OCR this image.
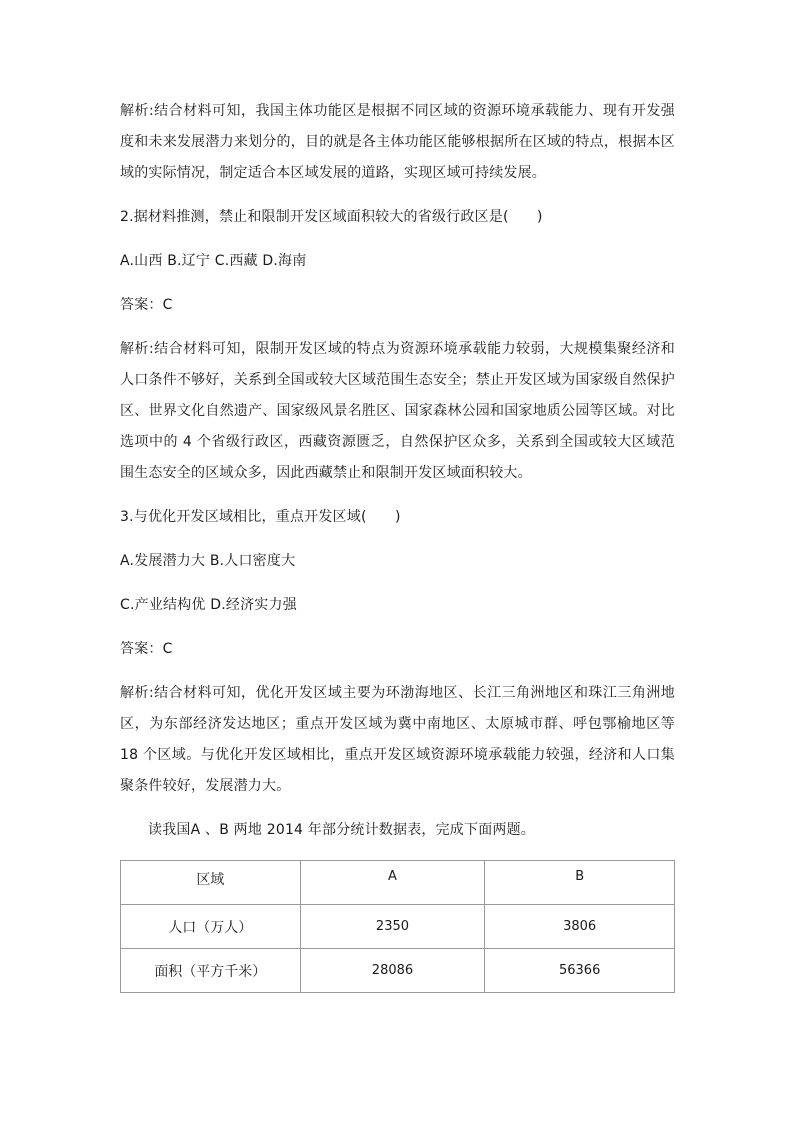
解析:结合材料可知，我国主体功能区是根据不同区域的资源环境承载能力、现有开发强度和未来发展潜力来划分的，目的就是各主体功能区能够根据所在区域的特点，根据本区域的实际情况，制定适合本区域发展的道路，实现区域可持续发展。

2.据材料推测，禁止和限制开发区域面积较大的省级行政区是(　　)

A.山西 B.辽宁 C.西藏 D.海南

答案：C

解析:结合材料可知，限制开发区域的特点为资源环境承载能力较弱，大规模集聚经济和人口条件不够好，关系到全国或较大区域范围生态安全；禁止开发区域为国家级自然保护区、世界文化自然遗产、国家级风景名胜区、国家森林公园和国家地质公园等区域。对比选项中的 4 个省级行政区，西藏资源匮乏，自然保护区众多，关系到全国或较大区域范围生态安全的区域众多，因此西藏禁止和限制开发区域面积较大。

3.与优化开发区域相比，重点开发区域(　　)

A.发展潜力大 B.人口密度大

C.产业结构优 D.经济实力强

答案：C

解析:结合材料可知，优化开发区域主要为环渤海地区、长江三角洲地区和珠江三角洲地区，为东部经济发达地区；重点开发区域为冀中南地区、太原城市群、呼包鄂榆地区等 18 个区域。与优化开发区域相比，重点开发区域资源环境承载能力较强，经济和人口集聚条件较好，发展潜力大。

读我国A 、B 两地 2014 年部分统计数据表，完成下面两题。

区域	A	B
人口（万人）	2350	3806
面积（平方千米）	28086	56366
